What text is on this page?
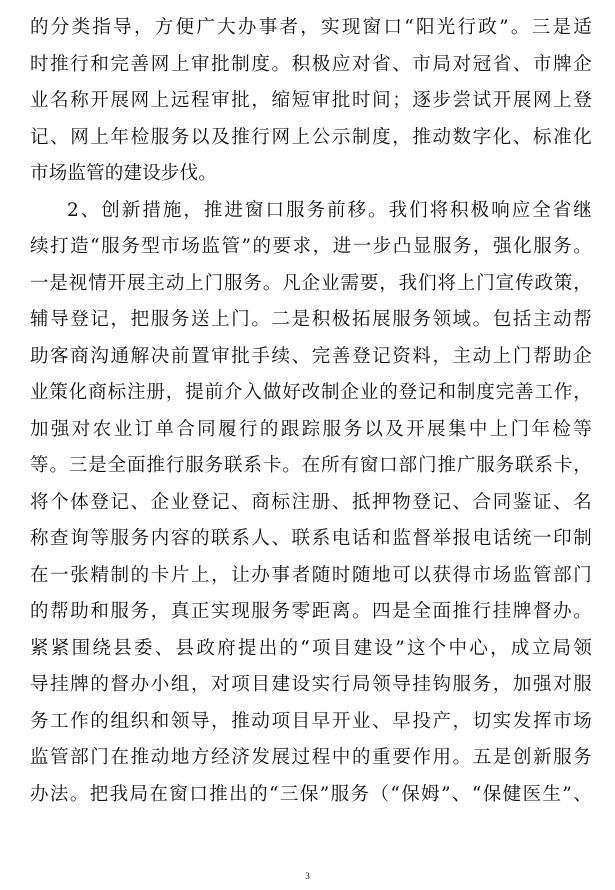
的分类指导，方便广大办事者，实现窗口“阳光行政”。三是适
时推行和完善网上审批制度。积极应对省、市局对冠省、市牌企
业名称开展网上远程审批，缩短审批时间；逐步尝试开展网上登
记、网上年检服务以及推行网上公示制度，推动数字化、标准化
市场监管的建设步伐。
2、创新措施，推进窗口服务前移。我们将积极响应全省继
续打造“服务型市场监管”的要求，进一步凸显服务，强化服务。
一是视情开展主动上门服务。凡企业需要，我们将上门宣传政策，
辅导登记，把服务送上门。二是积极拓展服务领域。包括主动帮
助客商沟通解决前置审批手续、完善登记资料，主动上门帮助企
业策化商标注册，提前介入做好改制企业的登记和制度完善工作，
加强对农业订单合同履行的跟踪服务以及开展集中上门年检等
等。三是全面推行服务联系卡。在所有窗口部门推广服务联系卡，
将个体登记、企业登记、商标注册、抵押物登记、合同鉴证、名
称查询等服务内容的联系人、联系电话和监督举报电话统一印制
在一张精制的卡片上，让办事者随时随地可以获得市场监管部门
的帮助和服务，真正实现服务零距离。四是全面推行挂牌督办。
紧紧围绕县委、县政府提出的“项目建设”这个中心，成立局领
导挂牌的督办小组，对项目建设实行局领导挂钩服务，加强对服
务工作的组织和领导，推动项目早开业、早投产，切实发挥市场
监管部门在推动地方经济发展过程中的重要作用。五是创新服务
办法。把我局在窗口推出的“三保”服务（“保姆”、“保健医生”、
3
